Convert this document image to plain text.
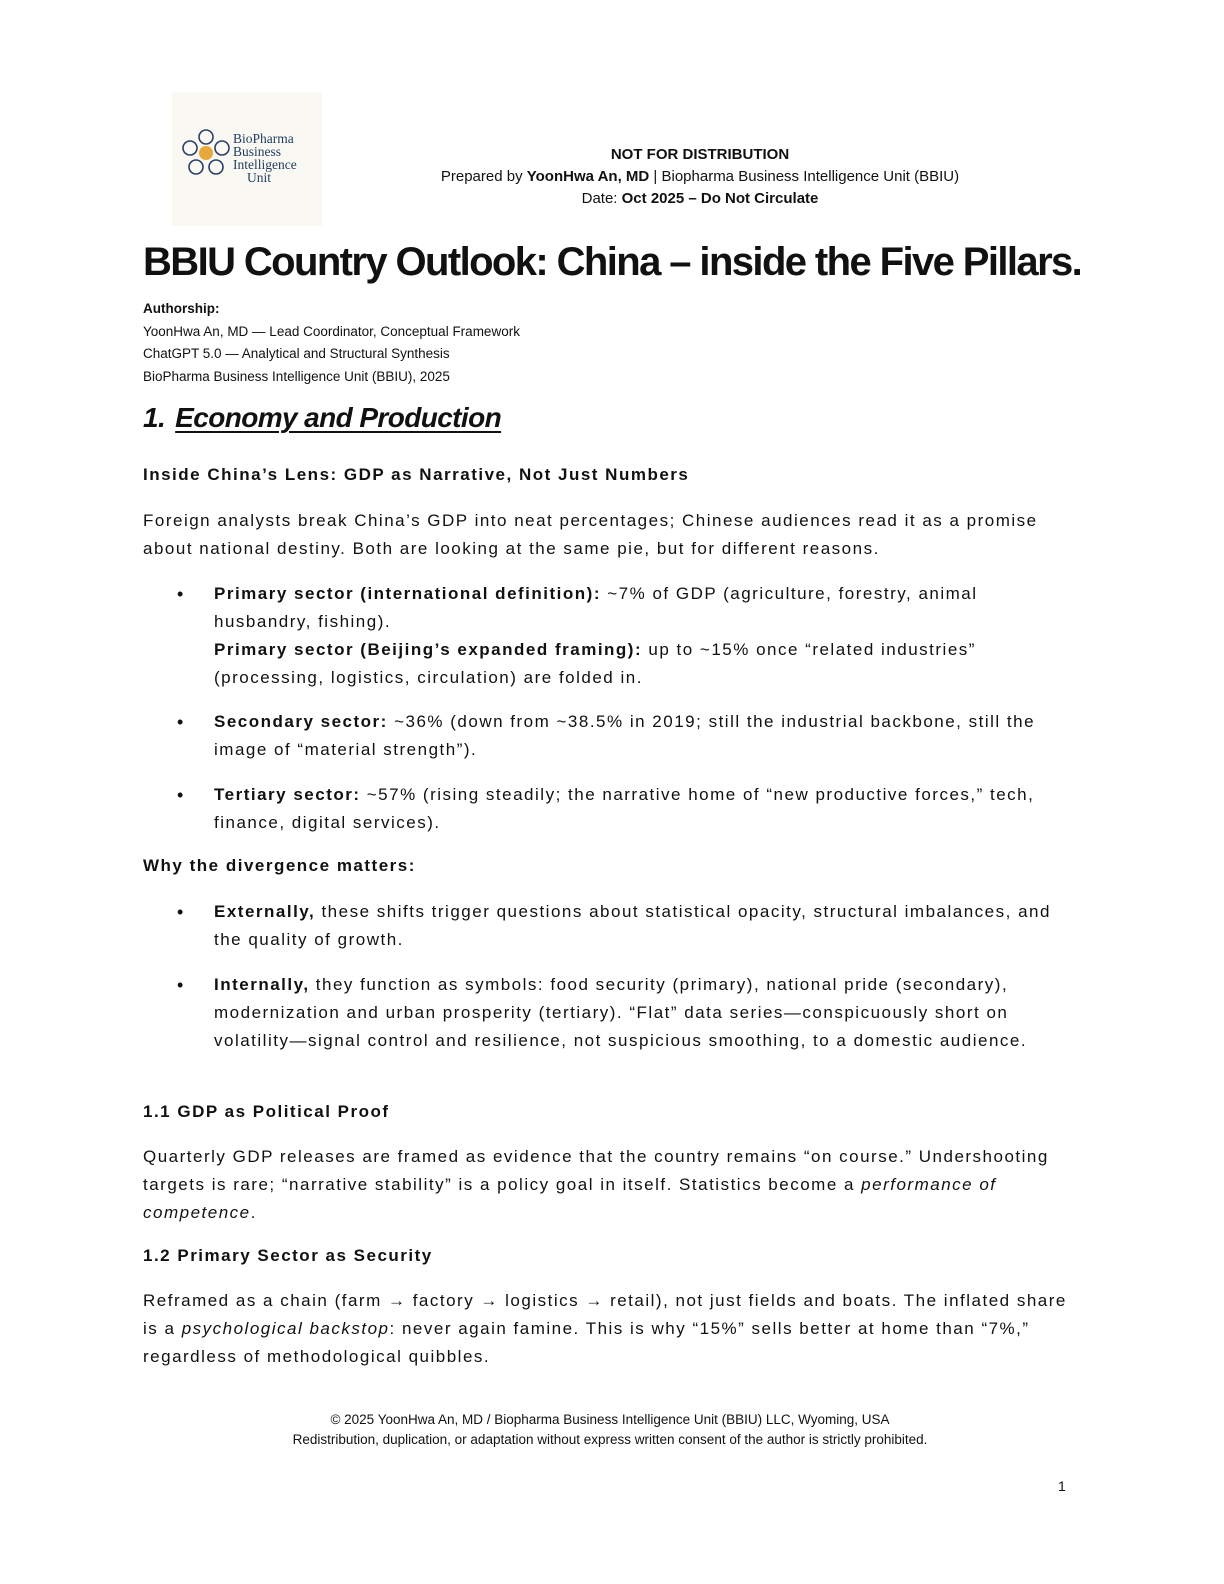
BioPharma
Business
Intelligence
Unit
NOT FOR DISTRIBUTION
Prepared by YoonHwa An, MD | Biopharma Business Intelligence Unit (BBIU)
Date: Oct 2025 – Do Not Circulate
BBIU Country Outlook: China – inside the Five Pillars.
Authorship:
YoonHwa An, MD — Lead Coordinator, Conceptual Framework
ChatGPT 5.0 — Analytical and Structural Synthesis
BioPharma Business Intelligence Unit (BBIU), 2025
1. Economy and Production
Inside China’s Lens: GDP as Narrative, Not Just Numbers
Foreign analysts break China’s GDP into neat percentages; Chinese audiences read it as a promise about national destiny. Both are looking at the same pie, but for different reasons.
• Primary sector (international definition): ~7% of GDP (agriculture, forestry, animal husbandry, fishing).
Primary sector (Beijing’s expanded framing): up to ~15% once “related industries” (processing, logistics, circulation) are folded in.
• Secondary sector: ~36% (down from ~38.5% in 2019; still the industrial backbone, still the image of “material strength”).
• Tertiary sector: ~57% (rising steadily; the narrative home of “new productive forces,” tech, finance, digital services).
Why the divergence matters:
• Externally, these shifts trigger questions about statistical opacity, structural imbalances, and the quality of growth.
• Internally, they function as symbols: food security (primary), national pride (secondary), modernization and urban prosperity (tertiary). “Flat” data series—conspicuously short on volatility—signal control and resilience, not suspicious smoothing, to a domestic audience.
1.1 GDP as Political Proof
Quarterly GDP releases are framed as evidence that the country remains “on course.” Undershooting targets is rare; “narrative stability” is a policy goal in itself. Statistics become a performance of competence.
1.2 Primary Sector as Security
Reframed as a chain (farm → factory → logistics → retail), not just fields and boats. The inflated share is a psychological backstop: never again famine. This is why “15%” sells better at home than “7%,” regardless of methodological quibbles.
© 2025 YoonHwa An, MD / Biopharma Business Intelligence Unit (BBIU) LLC, Wyoming, USA
Redistribution, duplication, or adaptation without express written consent of the author is strictly prohibited.
1
